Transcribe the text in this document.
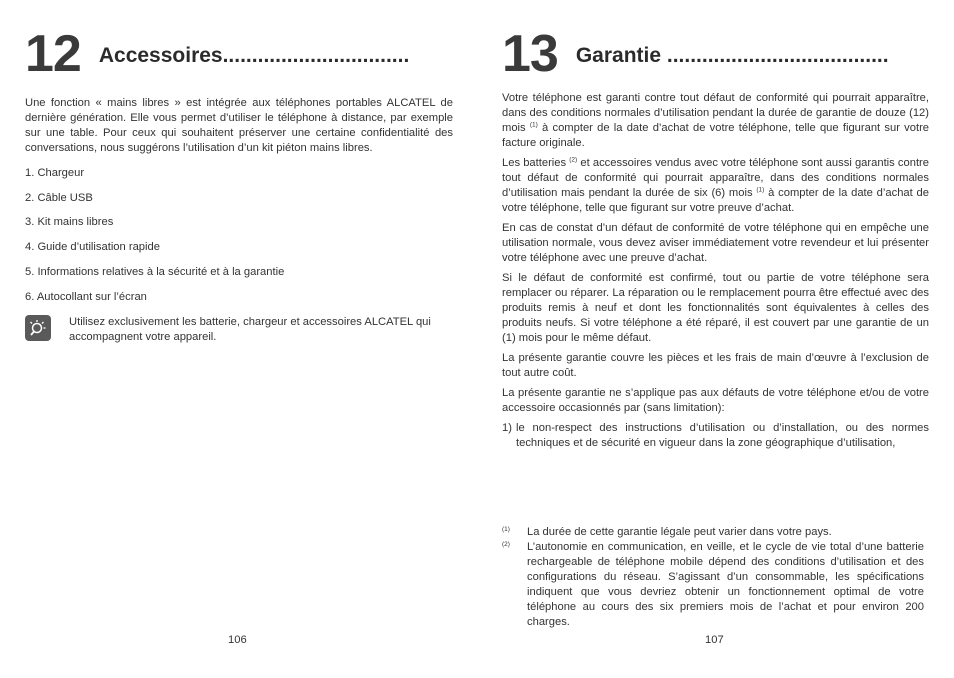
12 Accessoires................................

Une fonction « mains libres » est intégrée aux téléphones portables ALCATEL de dernière génération. Elle vous permet d’utiliser le téléphone à distance, par exemple sur une table. Pour ceux qui souhaitent préserver une certaine confidentialité des conversations, nous suggérons l’utilisation d’un kit piéton mains libres.

1. Chargeur
2. Câble USB
3. Kit mains libres
4. Guide d’utilisation rapide
5. Informations relatives à la sécurité et à la garantie
6. Autocollant sur l’écran
Utilisez exclusivement les batterie, chargeur et accessoires ALCATEL qui accompagnent votre appareil.
106
13 Garantie ......................................

Votre téléphone est garanti contre tout défaut de conformité qui pourrait apparaître, dans des conditions normales d’utilisation pendant la durée de garantie de douze (12) mois $^{(1)}$ à compter de la date d’achat de votre téléphone, telle que figurant sur votre facture originale.

Les batteries $^{(2)}$ et accessoires vendus avec votre téléphone sont aussi garantis contre tout défaut de conformité qui pourrait apparaître, dans des conditions normales d’utilisation mais pendant la durée de six (6) mois $^{(1)}$ à compter de la date d’achat de votre téléphone, telle que figurant sur votre preuve d’achat.

En cas de constat d’un défaut de conformité de votre téléphone qui en empêche une utilisation normale, vous devez aviser immédiatement votre revendeur et lui présenter votre téléphone avec une preuve d’achat.

Si le défaut de conformité est confirmé, tout ou partie de votre téléphone sera remplacer ou réparer. La réparation ou le remplacement pourra être effectué avec des produits remis à neuf et dont les fonctionnalités sont équivalentes à celles des produits neufs. Si votre téléphone a été réparé, il est couvert par une garantie de un (1) mois pour le même défaut.

La présente garantie couvre les pièces et les frais de main d’œuvre à l’exclusion de tout autre coût.

La présente garantie ne s’applique pas aux défauts de votre téléphone et/ou de votre accessoire occasionnés par (sans limitation):

1) le non-respect des instructions d’utilisation ou d’installation, ou des normes techniques et de sécurité en vigueur dans la zone géographique d’utilisation,
(1)	La durée de cette garantie légale peut varier dans votre pays.
(2)	L’autonomie en communication, en veille, et le cycle de vie total d’une batterie rechargeable de téléphone mobile dépend des conditions d’utilisation et des configurations du réseau. S’agissant d’un consommable, les spécifications indiquent que vous devriez obtenir un fonctionnement optimal de votre téléphone au cours des six premiers mois de l’achat et pour environ 200 charges.
107
